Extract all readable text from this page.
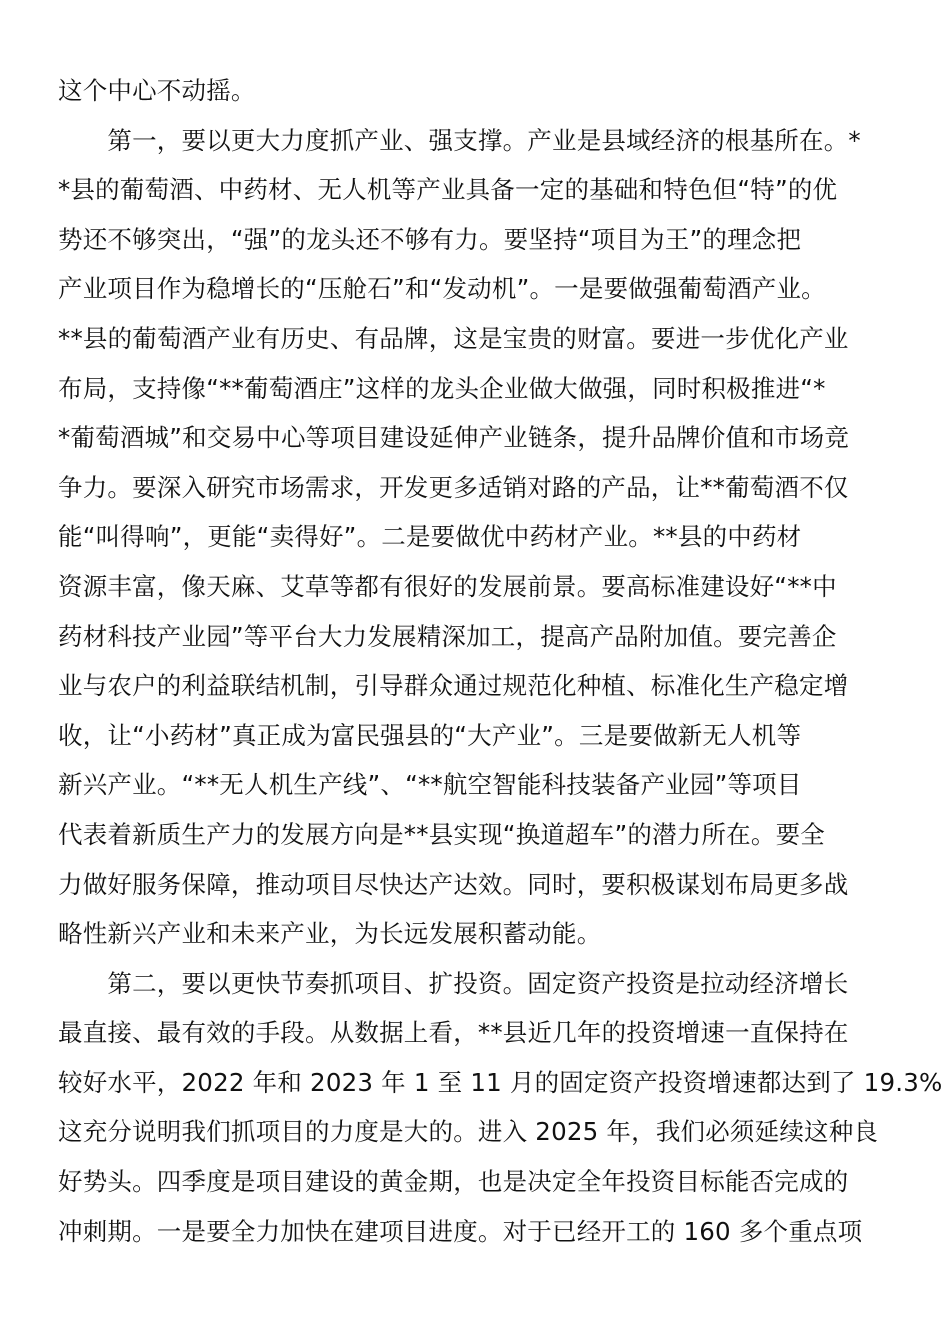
这个中心不动摇。
　　第一，要以更大力度抓产业、强支撑。产业是县域经济的根基所在。*
*县的葡萄酒、中药材、无人机等产业具备一定的基础和特色但“特”的优
势还不够突出，“强”的龙头还不够有力。要坚持“项目为王”的理念把
产业项目作为稳增长的“压舱石”和“发动机”。一是要做强葡萄酒产业。
**县的葡萄酒产业有历史、有品牌，这是宝贵的财富。要进一步优化产业
布局，支持像“**葡萄酒庄”这样的龙头企业做大做强，同时积极推进“*
*葡萄酒城”和交易中心等项目建设延伸产业链条，提升品牌价值和市场竞
争力。要深入研究市场需求，开发更多适销对路的产品，让**葡萄酒不仅
能“叫得响”，更能“卖得好”。二是要做优中药材产业。**县的中药材
资源丰富，像天麻、艾草等都有很好的发展前景。要高标准建设好“**中
药材科技产业园”等平台大力发展精深加工，提高产品附加值。要完善企
业与农户的利益联结机制，引导群众通过规范化种植、标准化生产稳定增
收，让“小药材”真正成为富民强县的“大产业”。三是要做新无人机等
新兴产业。“**无人机生产线”、“**航空智能科技装备产业园”等项目
代表着新质生产力的发展方向是**县实现“换道超车”的潜力所在。要全
力做好服务保障，推动项目尽快达产达效。同时，要积极谋划布局更多战
略性新兴产业和未来产业，为长远发展积蓄动能。
　　第二，要以更快节奏抓项目、扩投资。固定资产投资是拉动经济增长
最直接、最有效的手段。从数据上看，**县近几年的投资增速一直保持在
较好水平，2022 年和 2023 年 1 至 11 月的固定资产投资增速都达到了 19.3%
这充分说明我们抓项目的力度是大的。进入 2025 年，我们必须延续这种良
好势头。四季度是项目建设的黄金期，也是决定全年投资目标能否完成的
冲刺期。一是要全力加快在建项目进度。对于已经开工的 160 多个重点项
